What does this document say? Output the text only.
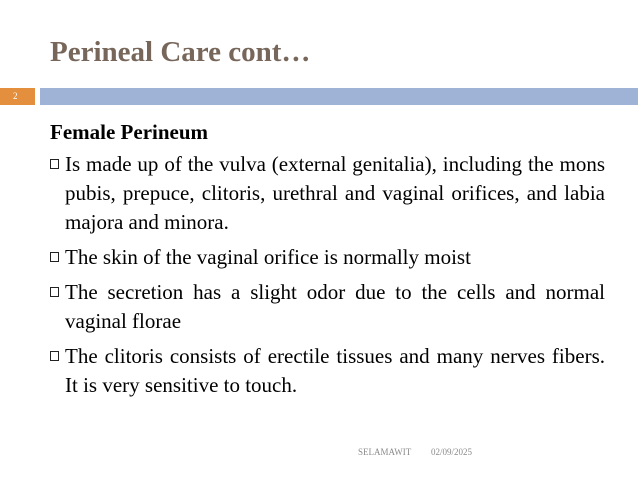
Perineal Care cont…
2
Female Perineum
Is made up of the vulva (external genitalia), including the mons pubis, prepuce, clitoris, urethral and vaginal orifices, and labia majora and minora.
The skin of the vaginal orifice is normally moist
The secretion has a slight odor due to the cells and normal vaginal florae
The clitoris consists of erectile tissues and many nerves fibers. It is very sensitive to touch.
SELAMAWIT 02/09/2025
